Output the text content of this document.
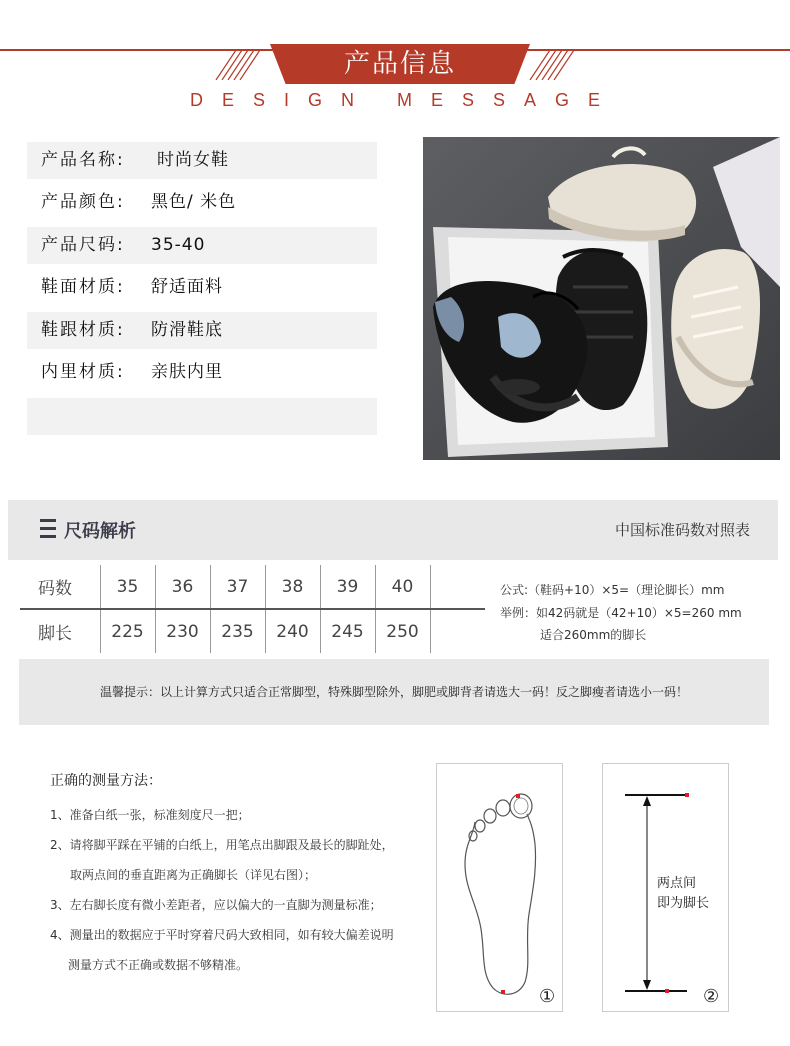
产品信息
DESIGN MESSAGE
产品名称: 时尚女鞋
产品颜色: 黑色/ 米色
产品尺码: 35-40
鞋面材质: 舒适面料
鞋跟材质: 防滑鞋底
内里材质: 亲肤内里
尺码解析	中国标准码数对照表
码数	35	36	37	38	39	40	
脚长	225	230	235	240	245	250	
公式:（鞋码+10）×5=（理论脚长）mm
举例：如42码就是（42+10）×5=260 mm
适合260mm的脚长
温馨提示：以上计算方式只适合正常脚型，特殊脚型除外，脚肥或脚背者请选大一码！反之脚瘦者请选小一码！
正确的测量方法：
1、准备白纸一张，标准刻度尺一把；
2、请将脚平踩在平铺的白纸上，用笔点出脚跟及最长的脚趾处，
取两点间的垂直距离为正确脚长（详见右图）；
3、左右脚长度有微小差距者，应以偏大的一直脚为测量标准；
4、测量出的数据应于平时穿着尺码大致相同，如有较大偏差说明
测量方式不正确或数据不够精准。
①
两点间
即为脚长
②
